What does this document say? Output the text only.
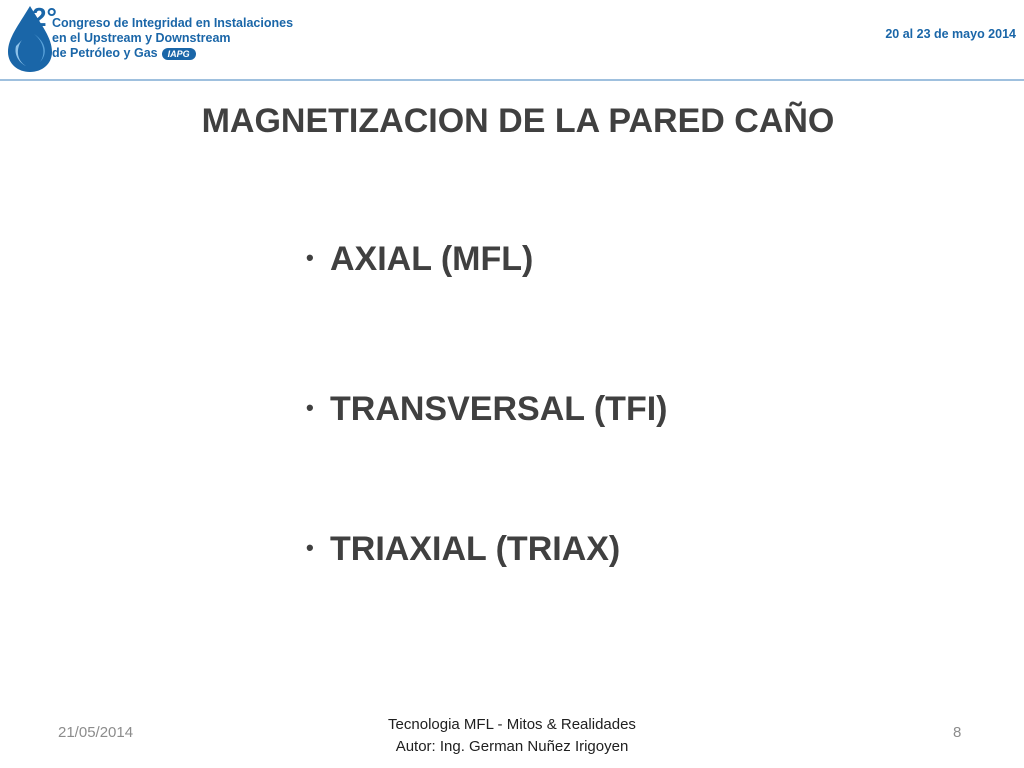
2°
Congreso de Integridad en Instalaciones
en el Upstream y Downstream
de Petróleo y Gas IAPG
20 al 23 de mayo 2014
MAGNETIZACION DE LA PARED CAÑO
• AXIAL (MFL)
• TRANSVERSAL (TFI)
• TRIAXIAL (TRIAX)
21/05/2014	Tecnologia MFL - Mitos & Realidades
Autor: Ing. German Nuñez Irigoyen
8
